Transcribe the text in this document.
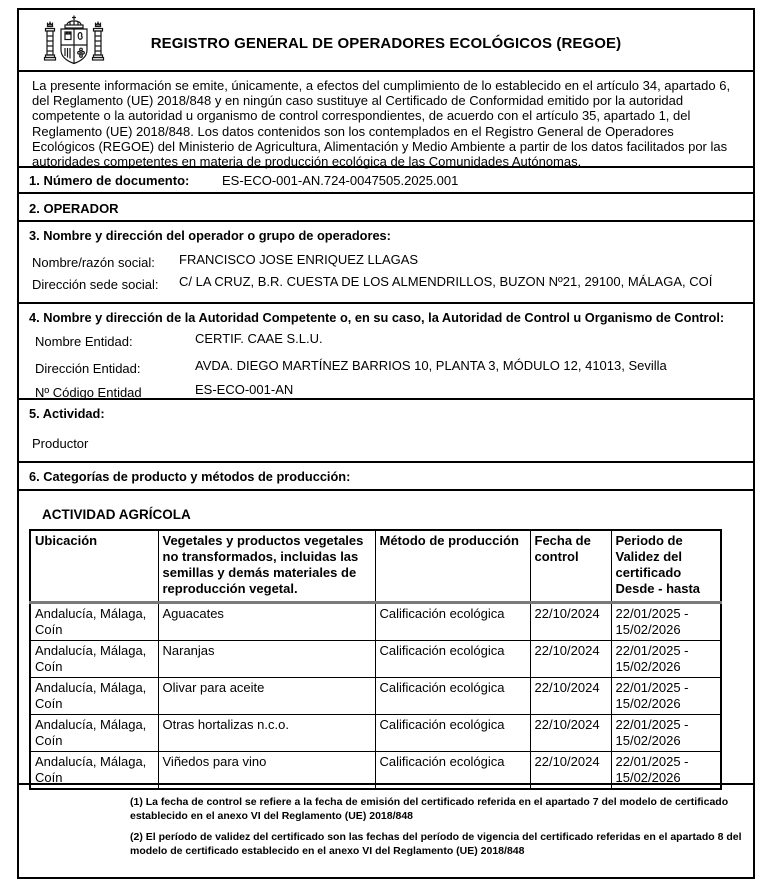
REGISTRO GENERAL DE OPERADORES ECOLÓGICOS (REGOE)
La presente información se emite, únicamente, a efectos del cumplimiento de lo establecido en el artículo 34, apartado 6, del Reglamento (UE) 2018/848 y en ningún caso sustituye al Certificado de Conformidad emitido por la autoridad competente o la autoridad u organismo de control correspondientes, de acuerdo con el artículo 35, apartado 1, del Reglamento (UE) 2018/848. Los datos contenidos son los contemplados en el Registro General de Operadores Ecológicos (REGOE) del Ministerio de Agricultura, Alimentación y Medio Ambiente a partir de los datos facilitados por las autoridades competentes en materia de producción ecológica de las Comunidades Autónomas.
1. Número de documento:	ES-ECO-001-AN.724-0047505.2025.001
2. OPERADOR
3. Nombre y dirección del operador o grupo de operadores:
Nombre/razón social: FRANCISCO JOSE ENRIQUEZ LLAGAS
Dirección sede social: C/ LA CRUZ, B.R. CUESTA DE LOS ALMENDRILLOS, BUZON Nº21, 29100, MÁLAGA, COÍ
4. Nombre y dirección de la Autoridad Competente o, en su caso, la Autoridad de Control u Organismo de Control:
Nombre Entidad:	CERTIF. CAAE S.L.U.
Dirección Entidad:	AVDA. DIEGO MARTÍNEZ BARRIOS 10, PLANTA 3, MÓDULO 12, 41013, Sevilla
Nº Código Entidad	ES-ECO-001-AN
5. Actividad:
Productor
6. Categorías de producto y métodos de producción:
ACTIVIDAD AGRÍCOLA
Ubicación	Vegetales y productos vegetales no transformados, incluidas las semillas y demás materiales de reproducción vegetal.	Método de producción	Fecha de control	Periodo de Validez del certificado Desde - hasta
Andalucía, Málaga, Coín	Aguacates	Calificación ecológica	22/10/2024	22/01/2025 - 15/02/2026
Andalucía, Málaga, Coín	Naranjas	Calificación ecológica	22/10/2024	22/01/2025 - 15/02/2026
Andalucía, Málaga, Coín	Olivar para aceite	Calificación ecológica	22/10/2024	22/01/2025 - 15/02/2026
Andalucía, Málaga, Coín	Otras hortalizas n.c.o.	Calificación ecológica	22/10/2024	22/01/2025 - 15/02/2026
Andalucía, Málaga, Coín	Viñedos para vino	Calificación ecológica	22/10/2024	22/01/2025 - 15/02/2026

(1) La fecha de control se refiere a la fecha de emisión del certificado referida en el apartado 7 del modelo de certificado establecido en el anexo VI del Reglamento (UE) 2018/848

(2) El período de validez del certificado son las fechas del período de vigencia del certificado referidas en el apartado 8 del modelo de certificado establecido en el anexo VI del Reglamento (UE) 2018/848
